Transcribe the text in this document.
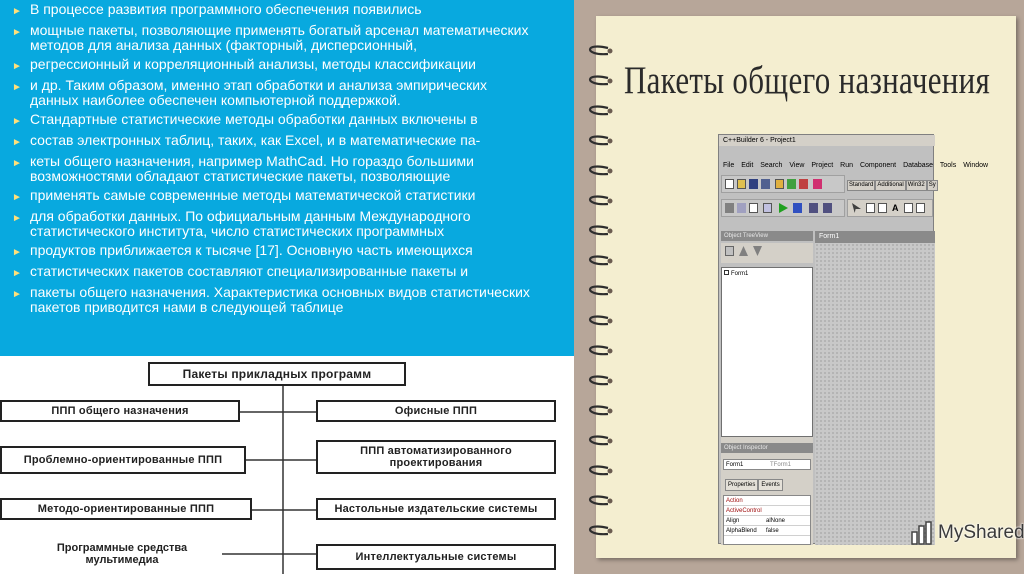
► В процессе развития программного обеспечения появились
► мощные пакеты, позволяющие применять богатый арсенал математических
методов для анализа данных (факторный, дисперсионный,
► регрессионный и корреляционный анализы, методы классификации
► и др. Таким образом, именно этап обработки и анализа эмпирических
данных наиболее обеспечен компьютерной поддержкой.
► Стандартные статистические методы обработки данных включены в
► состав электронных таблиц, таких, как Excel, и в математические па-
► кеты общего назначения, например MathCad. Но гораздо большими
возможностями обладают статистические пакеты, позволяющие
► применять самые современные методы математической статистики
► для обработки данных. По официальным данным Международного
статистического института, число статистических программных
► продуктов приближается к тысяче [17]. Основную часть имеющихся
► статистических пакетов составляют специализированные пакеты и
► пакеты общего назначения. Характеристика основных видов статистических
пакетов приводится нами в следующей таблице
Пакеты прикладных программ
ППП общего назначения
Проблемно-ориентированные ППП
Методо-ориентированные ППП
Программные средства мультимедиа
Офисные ППП
ППП автоматизированного проектирования
Настольные издательские системы
Интеллектуальные системы
Пакеты общего назначения
C++Builder 6 - Project1
File Edit Search View Project Run Component Database Tools Window
Standard Additional Win32 Sy
A
Object TreeView
Form1
Form1
Object Inspector
Form1	TForm1
Properties Events
Action
ActiveControl
Align	alNone
AlphaBlend false	MyShared
